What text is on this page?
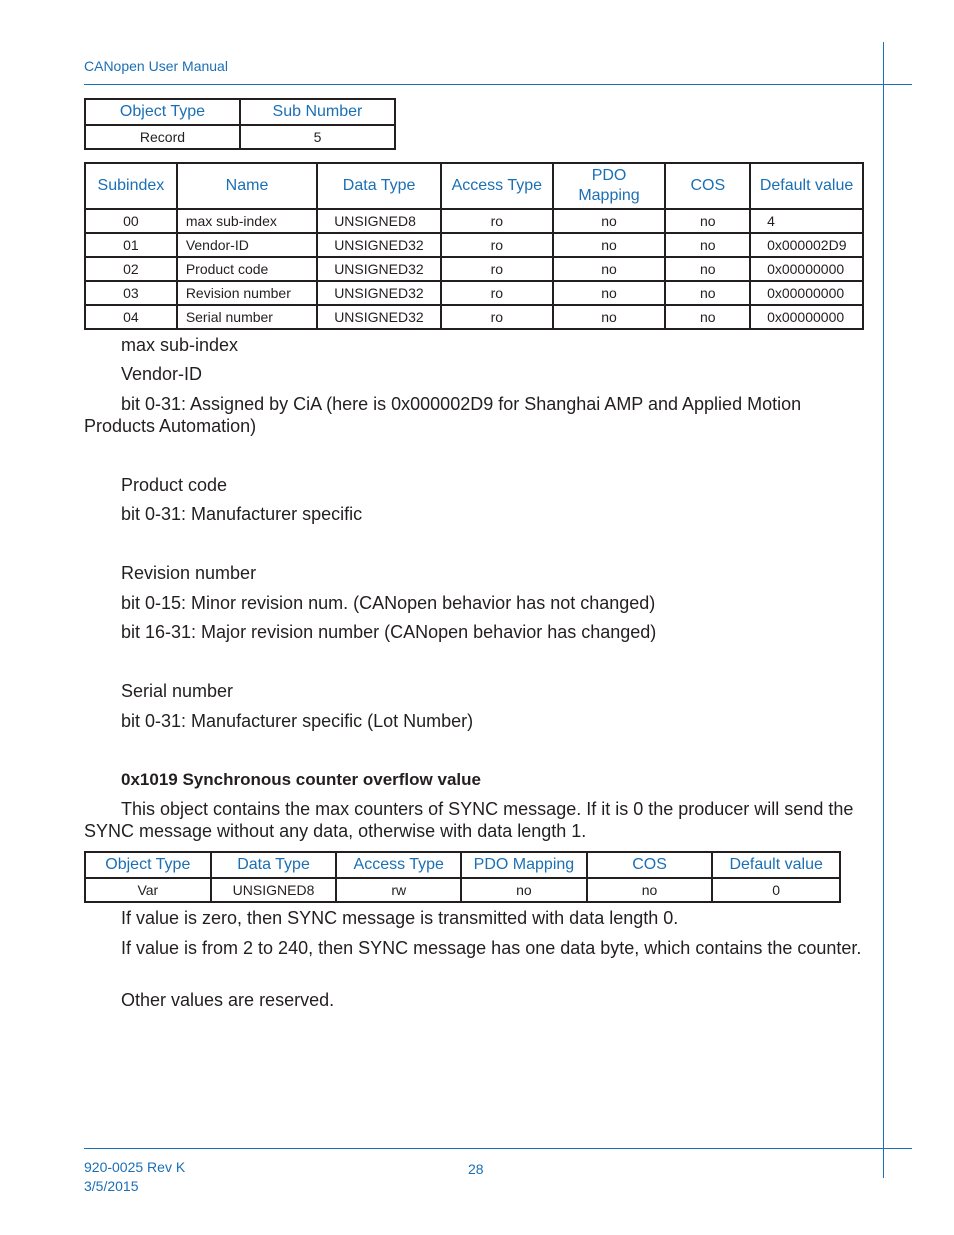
CANopen User Manual
Object Type	Sub Number
Record	5
Subindex	Name	Data Type	Access Type	PDO Mapping	COS	Default value
00	max sub-index	UNSIGNED8	ro	no	no	4
01	Vendor-ID	UNSIGNED32	ro	no	no	0x000002D9
02	Product code	UNSIGNED32	ro	no	no	0x00000000
03	Revision number	UNSIGNED32	ro	no	no	0x00000000
04	Serial number	UNSIGNED32	ro	no	no	0x00000000
max sub-index
Vendor-ID
bit 0-31: Assigned by CiA (here is 0x000002D9 for Shanghai AMP and Applied Motion Products Automation)
Product code
bit 0-31: Manufacturer specific
Revision number
bit 0-15: Minor revision num. (CANopen behavior has not changed)
bit 16-31: Major revision number (CANopen behavior has changed)
Serial number
bit 0-31: Manufacturer specific (Lot Number)
0x1019 Synchronous counter overflow value
This object contains the max counters of SYNC message. If it is 0 the producer will send the SYNC message without any data, otherwise with data length 1.
Object Type	Data Type	Access Type	PDO Mapping	COS	Default value
Var	UNSIGNED8	rw	no	no	0
If value is zero, then SYNC message is transmitted with data length 0.
If value is from 2 to 240, then SYNC message has one data byte, which contains the counter.
Other values are reserved.
920-0025 Rev K
3/5/2015
28
